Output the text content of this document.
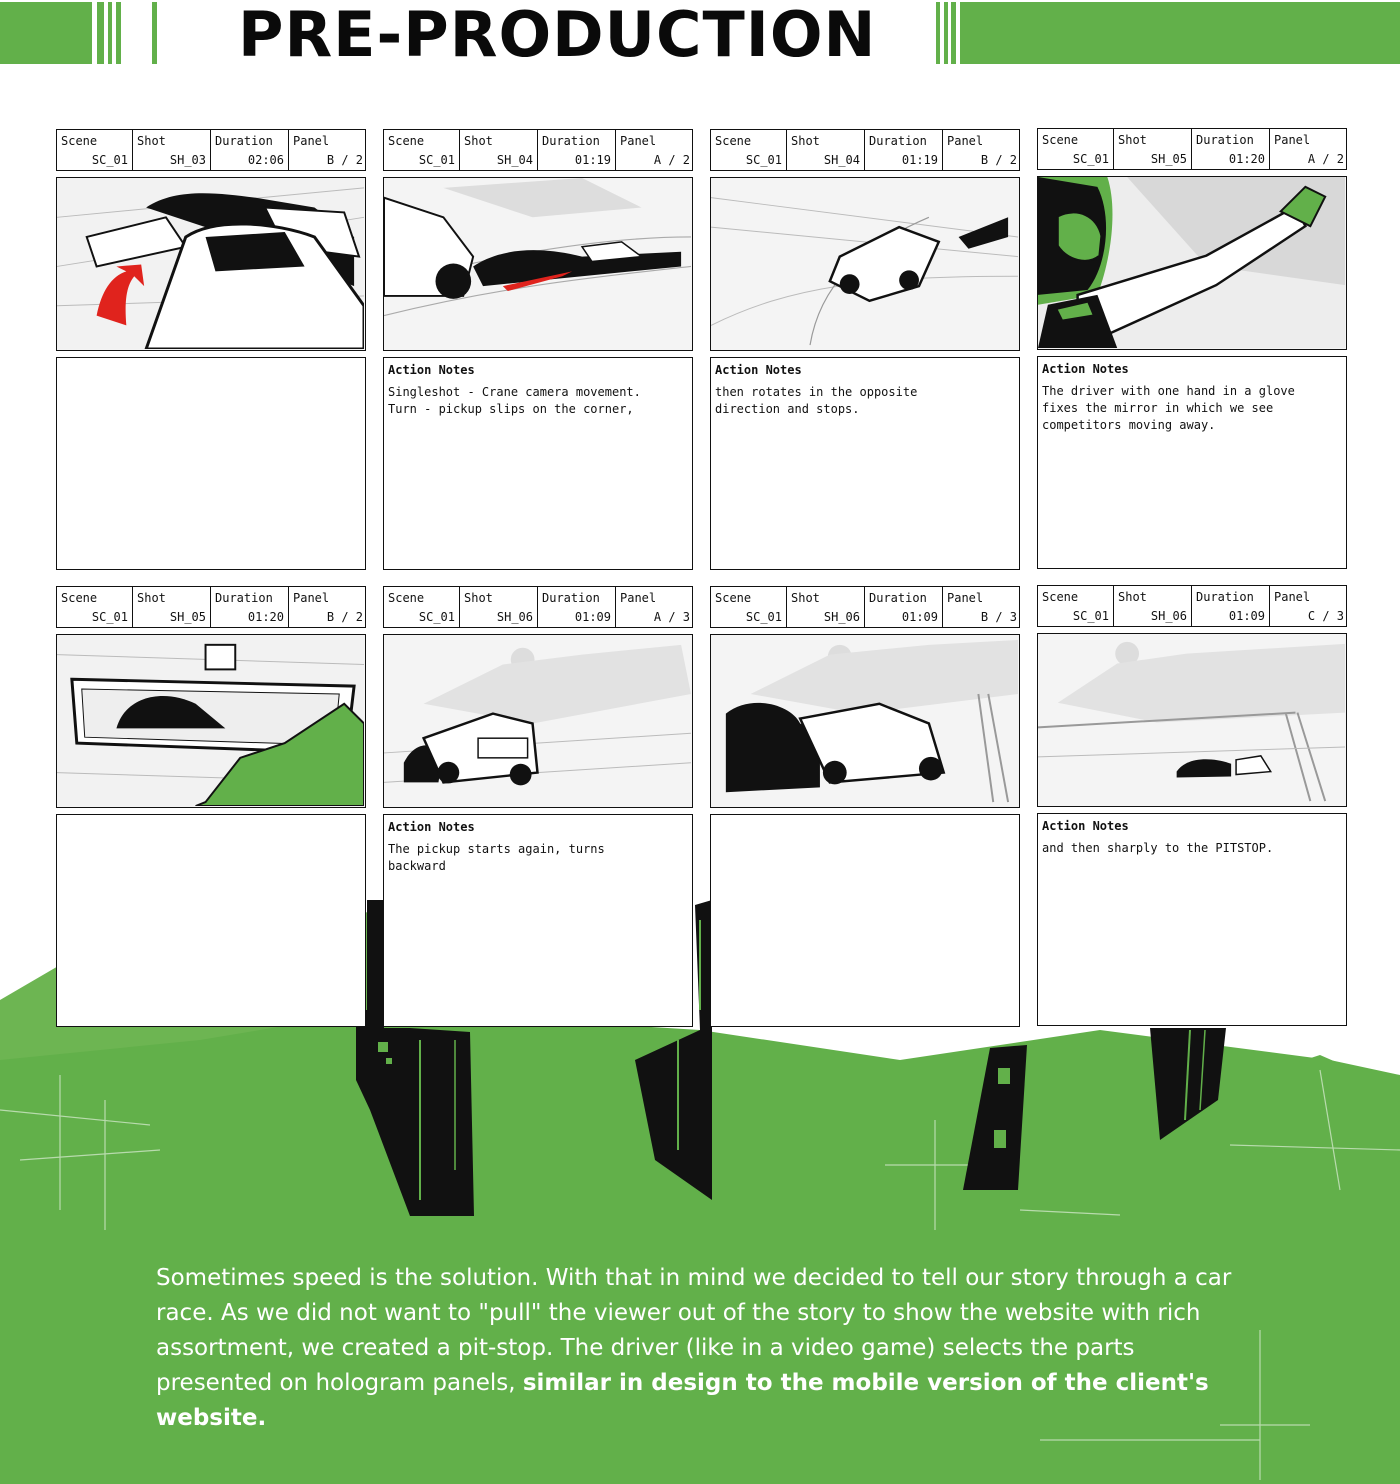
PRE-PRODUCTION
Scene
SC_01
Shot
SH_03
Duration
02:06
Panel
B / 2
Scene
SC_01
Shot
SH_04
Duration
01:19
Panel
A / 2
Action Notes
Singleshot - Crane camera movement.
Turn - pickup slips on the corner,
Scene
SC_01
Shot
SH_04
Duration
01:19
Panel
B / 2
Action Notes
then rotates in the opposite
direction and stops.
Scene
SC_01
Shot
SH_05
Duration
01:20
Panel
A / 2
Action Notes
The driver with one hand in a glove
fixes the mirror in which we see
competitors moving away.
Scene
SC_01
Shot
SH_05
Duration
01:20
Panel
B / 2
Scene
SC_01
Shot
SH_06
Duration
01:09
Panel
A / 3
Action Notes
The pickup starts again, turns
backward
Scene
SC_01
Shot
SH_06
Duration
01:09
Panel
B / 3
Scene
SC_01
Shot
SH_06
Duration
01:09
Panel
C / 3
Action Notes
and then sharply to the PITSTOP.
Sometimes speed is the solution. With that in mind we decided to tell our story through a car race. As we did not want to "pull" the viewer out of the story to show the website with rich assortment, we created a pit-stop. The driver (like in a video game) selects the parts presented on hologram panels, similar in design to the mobile version of the client's website.
